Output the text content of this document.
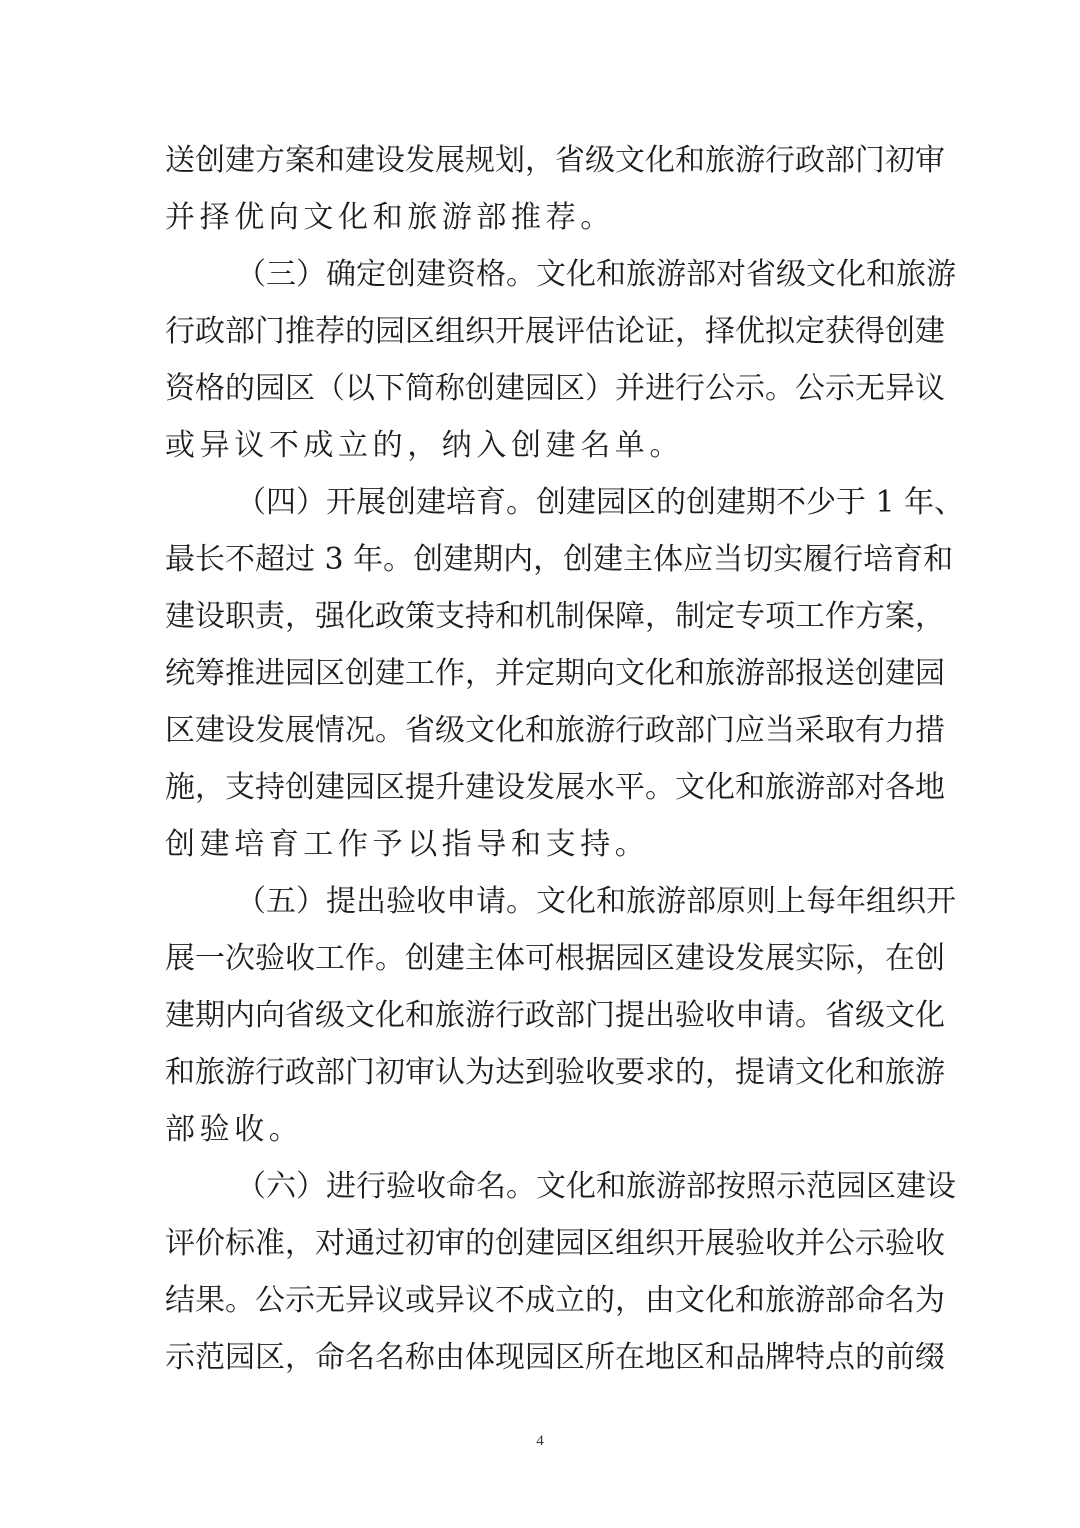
送创建方案和建设发展规划，省级文化和旅游行政部门初审
并择优向文化和旅游部推荐。
（三）确定创建资格。文化和旅游部对省级文化和旅游
行政部门推荐的园区组织开展评估论证，择优拟定获得创建
资格的园区（以下简称创建园区）并进行公示。公示无异议
或异议不成立的，纳入创建名单。
（四）开展创建培育。创建园区的创建期不少于 1 年、
最长不超过 3 年。创建期内，创建主体应当切实履行培育和
建设职责，强化政策支持和机制保障，制定专项工作方案，
统筹推进园区创建工作，并定期向文化和旅游部报送创建园
区建设发展情况。省级文化和旅游行政部门应当采取有力措
施，支持创建园区提升建设发展水平。文化和旅游部对各地
创建培育工作予以指导和支持。
（五）提出验收申请。文化和旅游部原则上每年组织开
展一次验收工作。创建主体可根据园区建设发展实际，在创
建期内向省级文化和旅游行政部门提出验收申请。省级文化
和旅游行政部门初审认为达到验收要求的，提请文化和旅游
部验收。
（六）进行验收命名。文化和旅游部按照示范园区建设
评价标准，对通过初审的创建园区组织开展验收并公示验收
结果。公示无异议或异议不成立的，由文化和旅游部命名为
示范园区，命名名称由体现园区所在地区和品牌特点的前缀
4
